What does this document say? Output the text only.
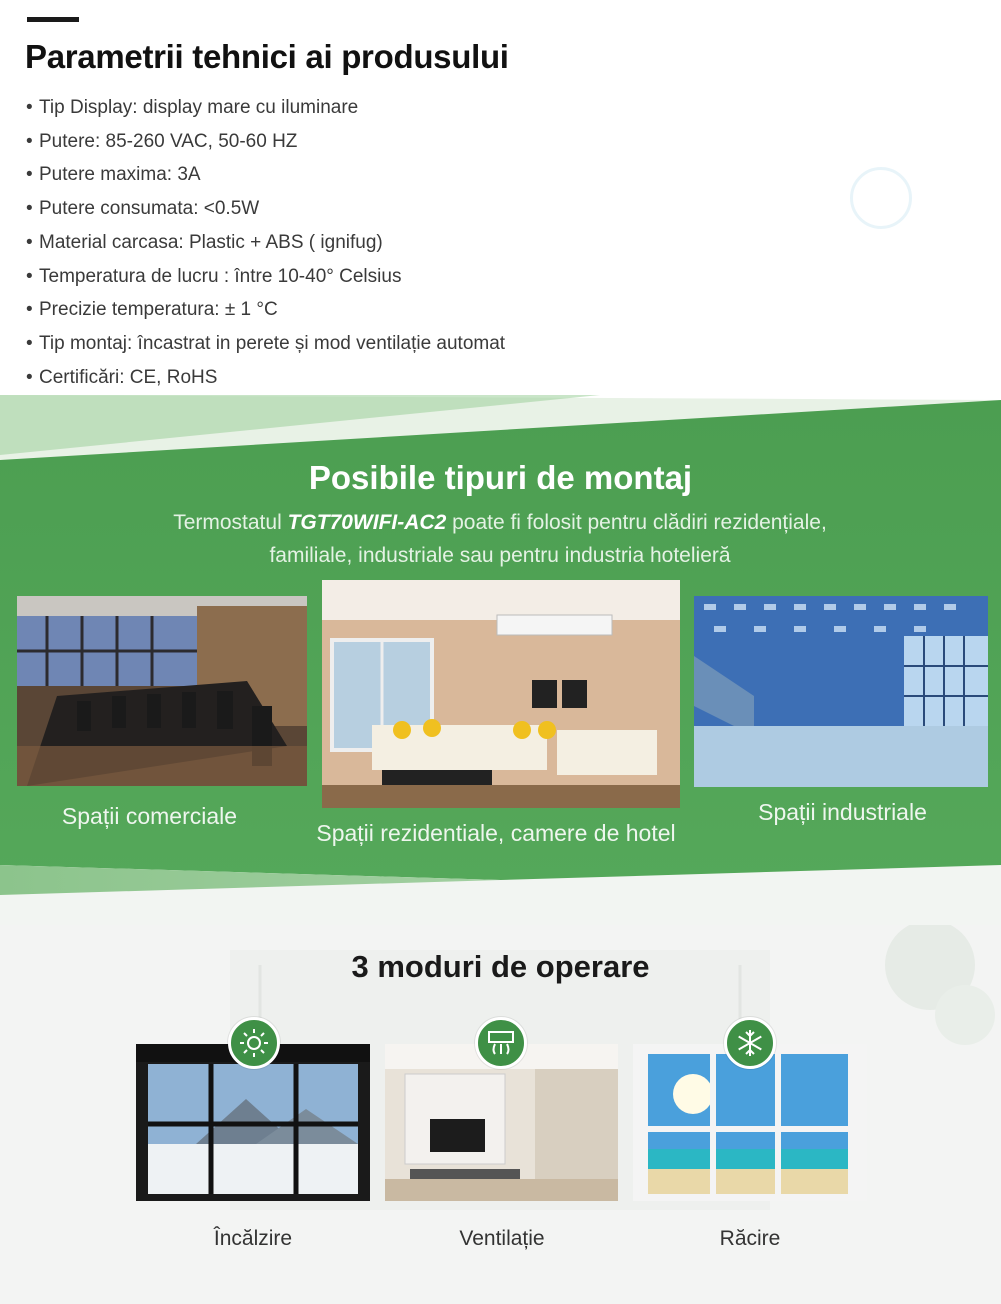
Parametrii tehnici ai produsului
• Tip Display: display mare cu iluminare
• Putere: 85-260 VAC, 50-60 HZ
• Putere maxima: 3A
• Putere consumata: <0.5W
• Material carcasa: Plastic + ABS ( ignifug)
• Temperatura de lucru : între 10-40° Celsius
• Precizie temperatura: ± 1 °C
• Tip montaj: încastrat in perete și mod ventilație automat
• Certificări: CE, RoHS
Posibile tipuri de montaj

Termostatul TGT70WIFI-AC2 poate fi folosit pentru clădiri rezidențiale,
familiale, industriale sau pentru industria hotelieră

Spații comerciale
Spații rezidentiale, camere de hotel
Spații industriale
3 moduri de operare
Încălzire	Ventilație	Răcire
